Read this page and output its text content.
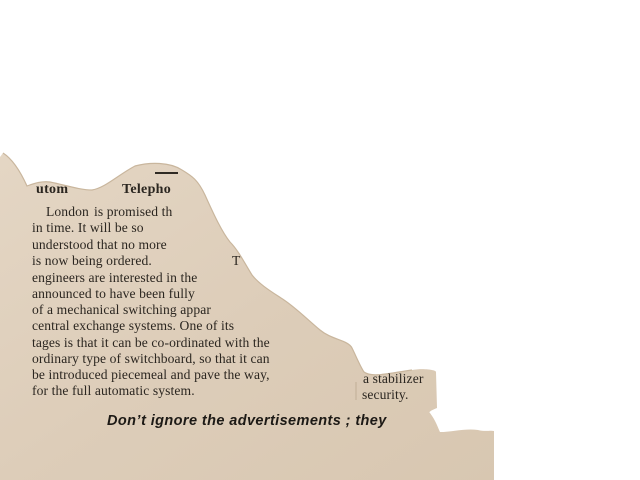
utom	Telepho
London is promised th
in time. It will be so
understood that no more
is now being ordered.	T
engineers are interested in the
announced to have been fully
of a mechanical switching appar
central exchange systems. One of its
tages is that it can be co-ordinated with the
ordinary type of switchboard, so that it can
be introduced piecemeal and pave the way,	a stabilizer
for the full automatic system.	security.
Don’t ignore the advertisements ; they
